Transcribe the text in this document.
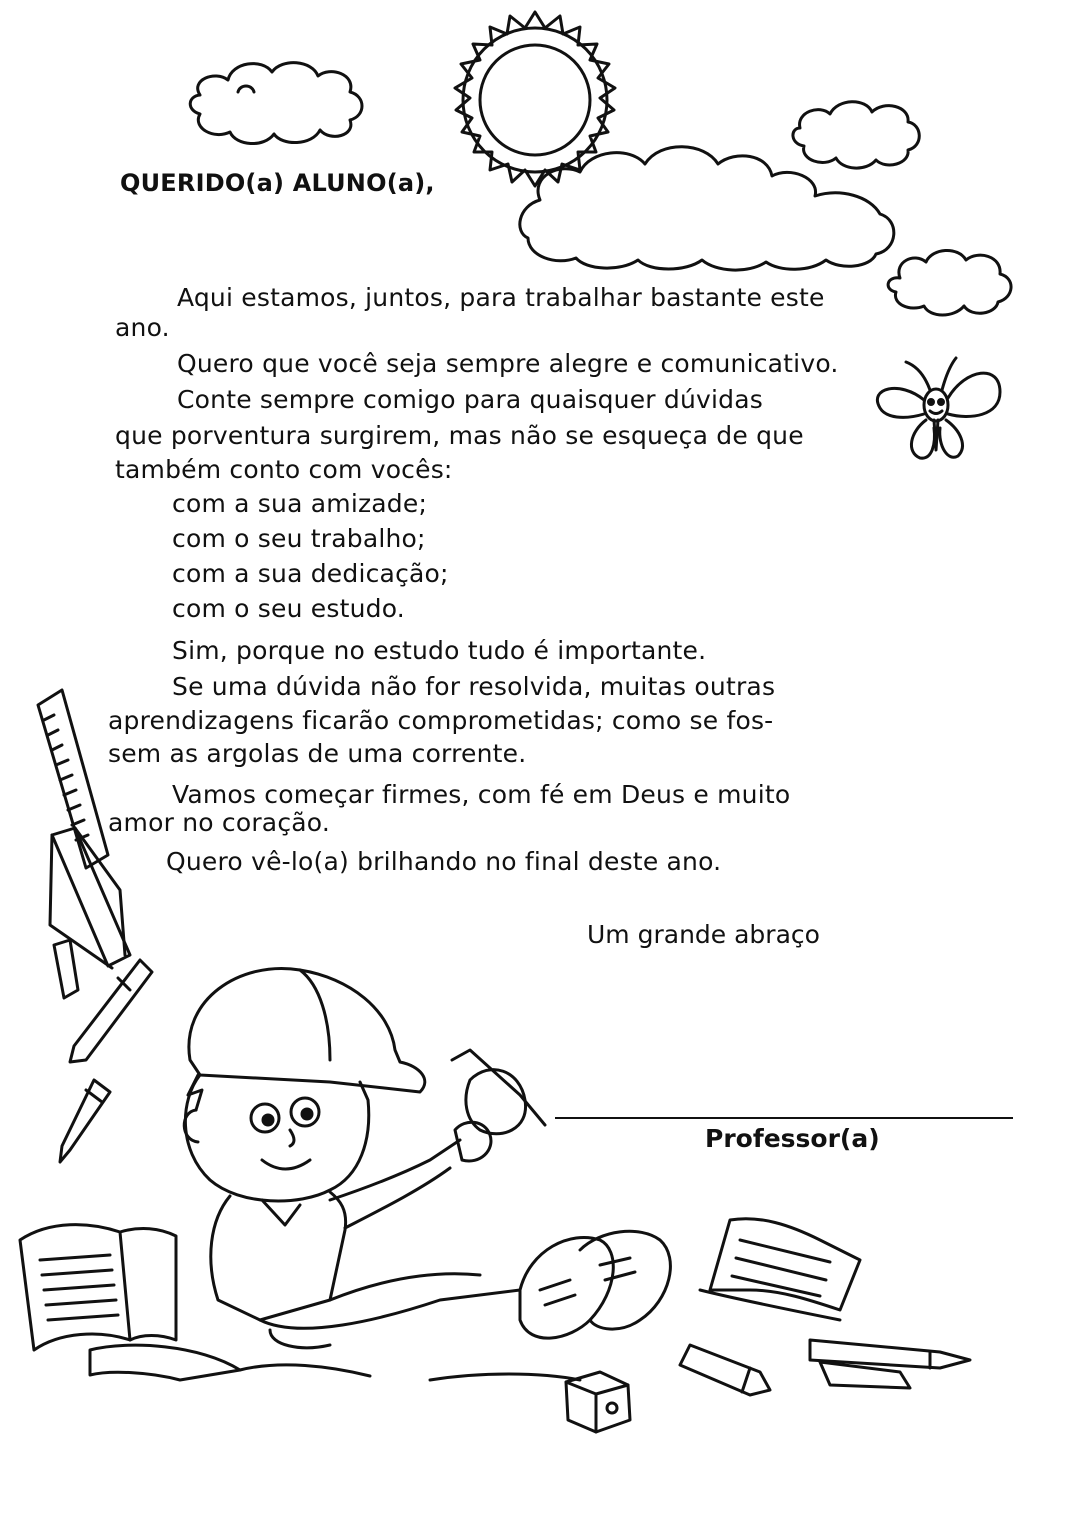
QUERIDO(a) ALUNO(a),
Aqui estamos, juntos, para trabalhar bastante este
ano.
Quero que você seja sempre alegre e comunicativo.
Conte sempre comigo para quaisquer dúvidas
que porventura surgirem, mas não se esqueça de que
também conto com vocês:
com a sua amizade;
com o seu trabalho;
com a sua dedicação;
com o seu estudo.
Sim, porque no estudo tudo é importante.
Se uma dúvida não for resolvida, muitas outras
aprendizagens ficarão comprometidas; como se fos-
sem as argolas de uma corrente.
Vamos começar firmes, com fé em Deus e muito
amor no coração.
Quero vê-lo(a) brilhando no final deste ano.
Um grande abraço
Professor(a)
